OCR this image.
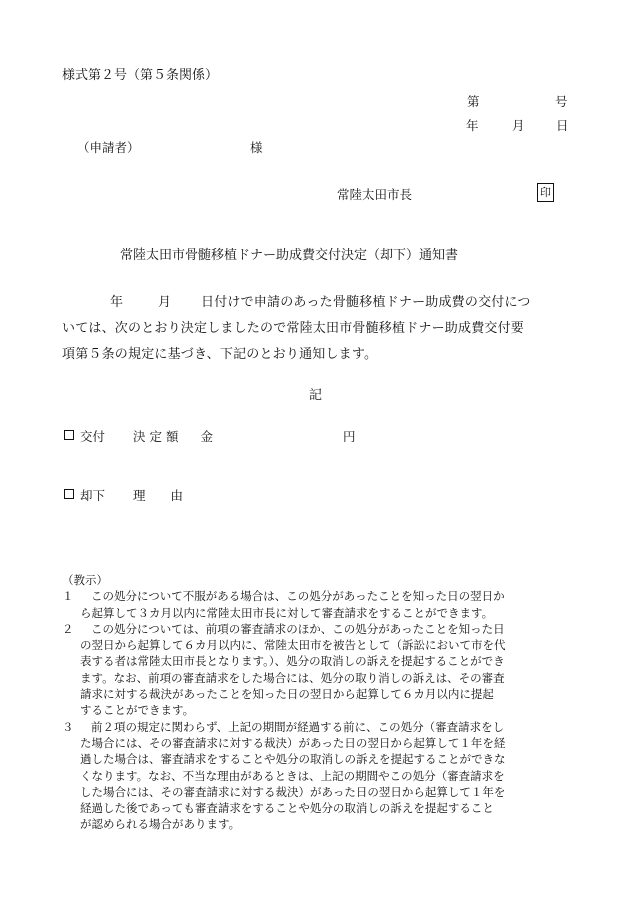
様式第２号（第５条関係）
第	号
年	月	日
（申請者）	様
常陸太田市長	印
常陸太田市骨髄移植ドナー助成費交付決定（却下）通知書
年	月 日付けで申請のあった骨髄移植ドナー助成費の交付につ
いては、次のとおり決定しましたので常陸太田市骨髄移植ドナー助成費交付要
項第５条の規定に基づき、下記のとおり通知します。
記
交付 決 定 額 金	円
却下 理　　由
（教示）
１	この処分について不服がある場合は、この処分があったことを知った日の翌日か
ら起算して３カ月以内に常陸太田市長に対して審査請求をすることができます。
２	この処分については、前項の審査請求のほか、この処分があったことを知った日
の翌日から起算して６カ月以内に、常陸太田市を被告として（訴訟において市を代
表する者は常陸太田市長となります。）、処分の取消しの訴えを提起することができ
ます。なお、前項の審査請求をした場合には、処分の取り消しの訴えは、その審査
請求に対する裁決があったことを知った日の翌日から起算して６カ月以内に提起
することができます。
３	前２項の規定に関わらず、上記の期間が経過する前に、この処分（審査請求をし
た場合には、その審査請求に対する裁決）があった日の翌日から起算して１年を経
過した場合は、審査請求をすることや処分の取消しの訴えを提起することができな
くなります。なお、不当な理由があるときは、上記の期間やこの処分（審査請求を
した場合には、その審査請求に対する裁決）があった日の翌日から起算して１年を
経過した後であっても審査請求をすることや処分の取消しの訴えを提起すること
が認められる場合があります。
